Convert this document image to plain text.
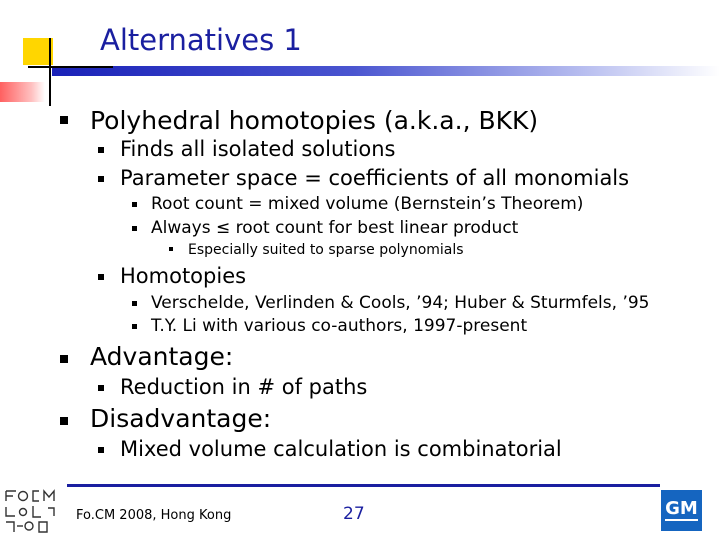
Alternatives 1
Polyhedral homotopies (a.k.a., BKK)
Finds all isolated solutions
Parameter space = coefficients of all monomials
Root count = mixed volume (Bernstein’s Theorem)
Always ≤ root count for best linear product
Especially suited to sparse polynomials
Homotopies
Verschelde, Verlinden & Cools, ’94; Huber & Sturmfels, ’95
T.Y. Li with various co-authors, 1997-present
Advantage:
Reduction in # of paths
Disadvantage:
Mixed volume calculation is combinatorial
Fo.CM 2008, Hong Kong	27	GM
